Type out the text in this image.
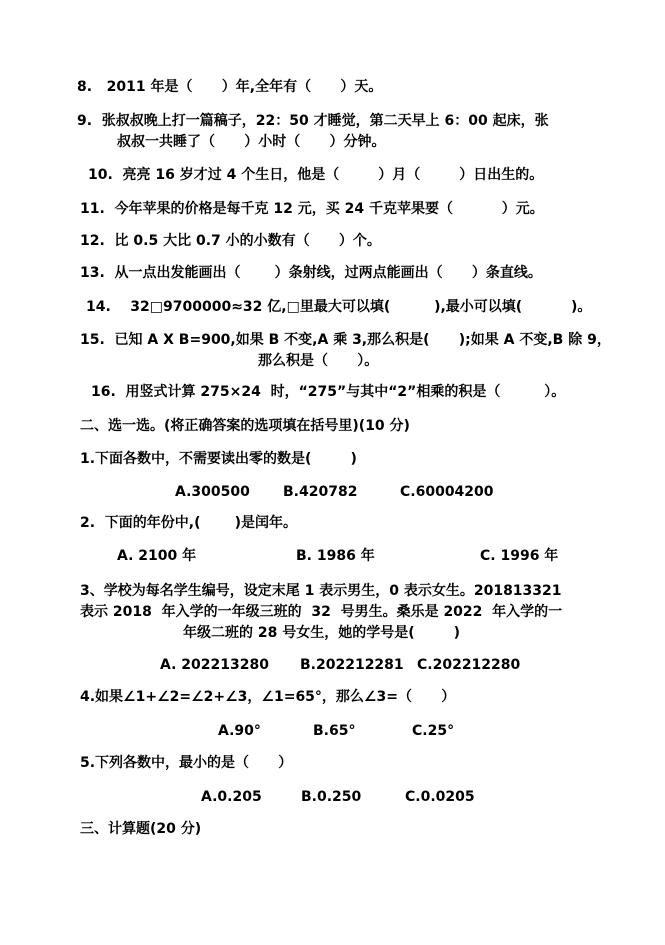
8.   2011 年是（      ）年,全年有（      ）天。
9.  张叔叔晚上打一篇稿子，22：50 才睡觉，第二天早上 6：00 起床，张
叔叔一共睡了（      ）小时（      ）分钟。
10.  亮亮 16 岁才过 4 个生日，他是（        ）月（        ）日出生的。
11.  今年苹果的价格是每千克 12 元，买 24 千克苹果要（          ）元。
12.  比 0.5 大比 0.7 小的小数有（      ）个。
13.  从一点出发能画出（       ）条射线，过两点能画出（      ）条直线。
14.    32□9700000≈32 亿,□里最大可以填(         ),最小可以填(          )。
15.  已知 A X B=900,如果 B 不变,A 乘 3,那么积是(      );如果 A 不变,B 除 9，
那么积是（      ）。
16.  用竖式计算 275×24  时，“275”与其中“2”相乘的积是（         ）。
二、选一选。(将正确答案的选项填在括号里)(10 分)
1.下面各数中，不需要读出零的数是(        )
A.300500 B.420782	C.60004200
2.  下面的年份中,(       )是闰年。
A. 2100 年	B. 1986 年	C. 1996 年
3、学校为每名学生编号，设定末尾 1 表示男生，0 表示女生。201813321
表示 2018  年入学的一年级三班的  32  号男生。桑乐是 2022  年入学的一
年级二班的 28 号女生，她的学号是(        )
A. 202213280 B.202212281 C.202212280
4.如果∠1+∠2=∠2+∠3，∠1=65°，那么∠3=（      ）
A.90°	B.65°	C.25°
5.下列各数中，最小的是（      ）
A.0.205	B.0.250	C.0.0205
三、计算题(20 分)
